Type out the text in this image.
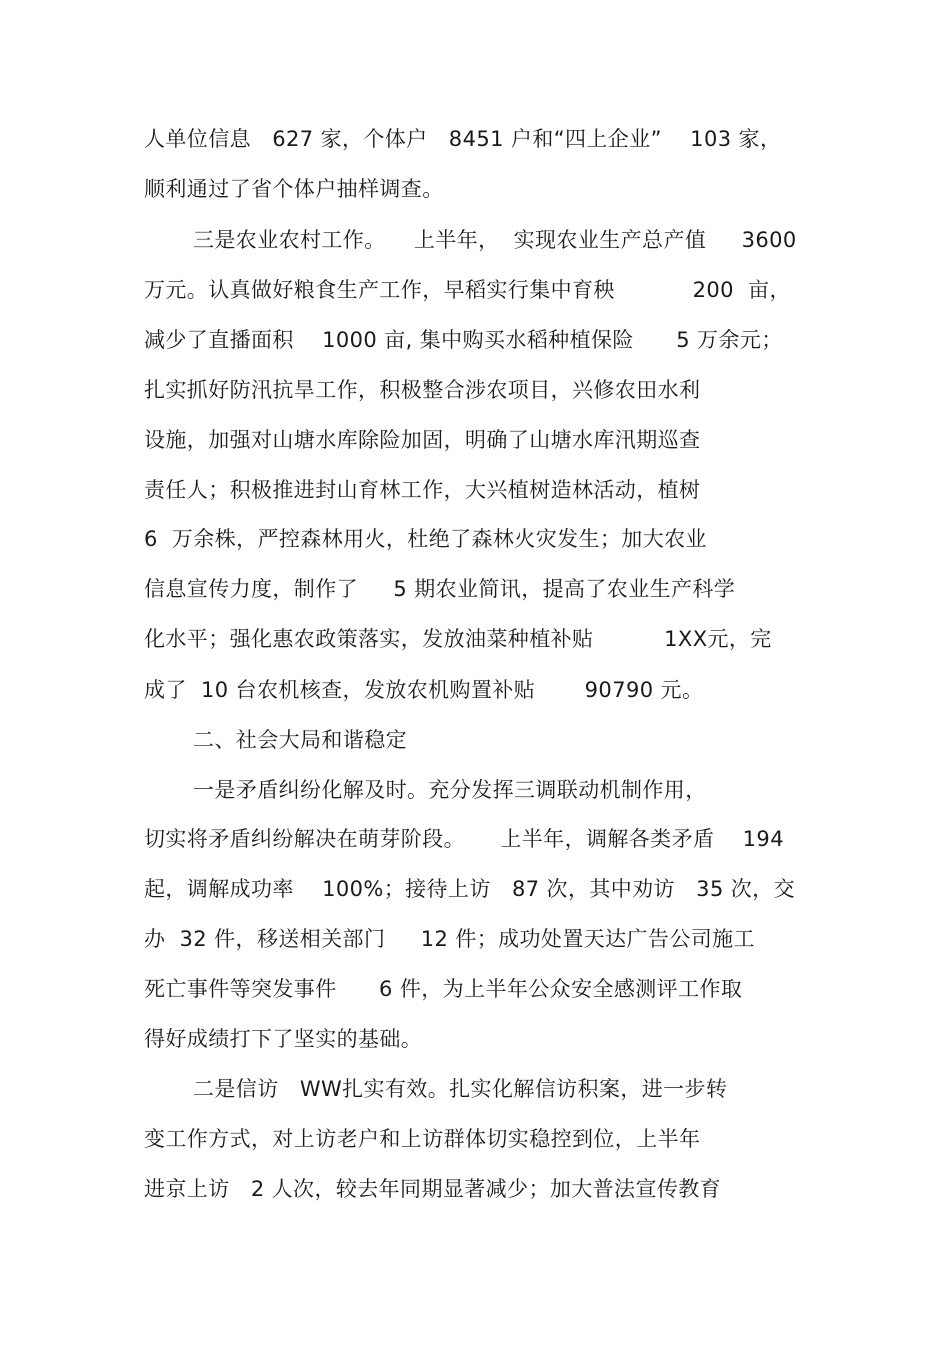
人单位信息   627 家，个体户   8451 户和“四上企业”    103 家，
顺利通过了省个体户抽样调查。
三是农业农村工作。    上半年，  实现农业生产总产值     3600
万元。认真做好粮食生产工作，早稻实行集中育秧           200  亩，
减少了直播面积    1000 亩, 集中购买水稻种植保险      5 万余元；
扎实抓好防汛抗旱工作，积极整合涉农项目，兴修农田水利
设施，加强对山塘水库除险加固，明确了山塘水库汛期巡查
责任人；积极推进封山育林工作，大兴植树造林活动，植树
6  万余株，严控森林用火，杜绝了森林火灾发生；加大农业
信息宣传力度，制作了     5 期农业简讯，提高了农业生产科学
化水平；强化惠农政策落实，发放油菜种植补贴          1XX元，完
成了  10 台农机核查，发放农机购置补贴       90790 元。
二、社会大局和谐稳定
一是矛盾纠纷化解及时。充分发挥三调联动机制作用，
切实将矛盾纠纷解决在萌芽阶段。     上半年，调解各类矛盾    194
起，调解成功率    100%；接待上访   87 次，其中劝访   35 次，交
办  32 件，移送相关部门     12 件；成功处置天达广告公司施工
死亡事件等突发事件      6 件，为上半年公众安全感测评工作取
得好成绩打下了坚实的基础。
二是信访   WW扎实有效。扎实化解信访积案，进一步转
变工作方式，对上访老户和上访群体切实稳控到位，上半年
进京上访   2 人次，较去年同期显著减少；加大普法宣传教育
